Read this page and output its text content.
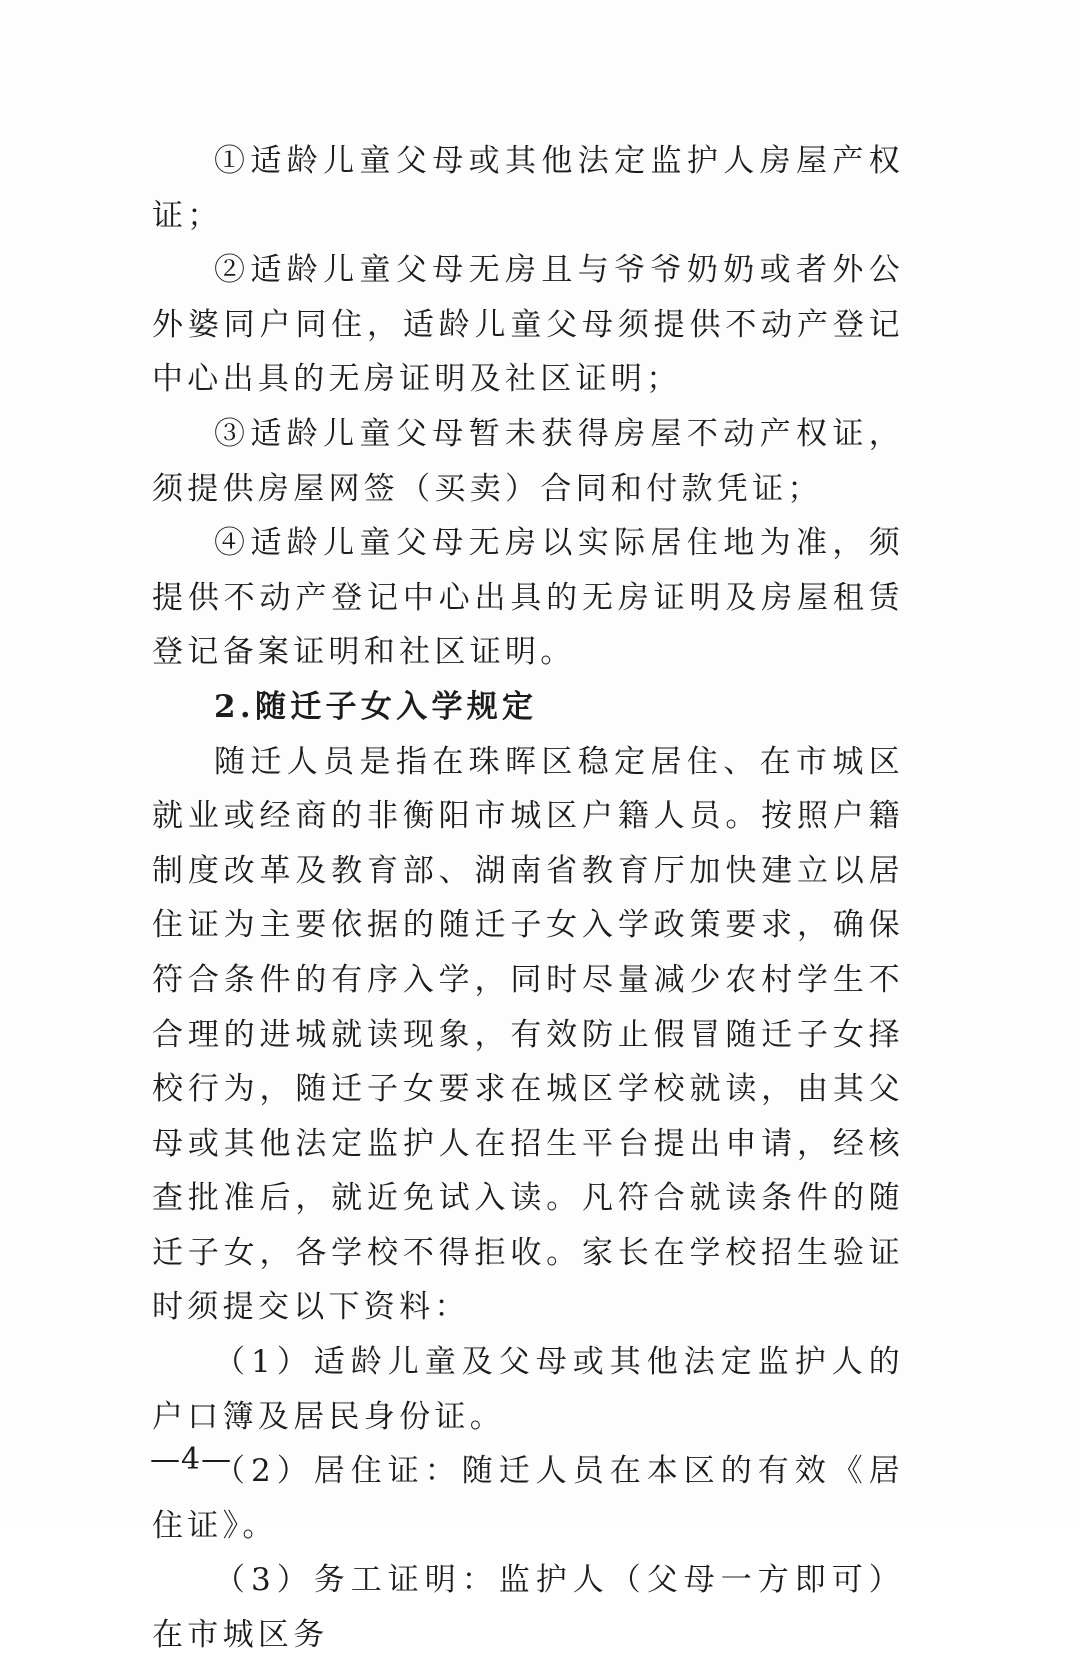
①适龄儿童父母或其他法定监护人房屋产权证；

②适龄儿童父母无房且与爷爷奶奶或者外公外婆同户同住，适龄儿童父母须提供不动产登记中心出具的无房证明及社区证明；

③适龄儿童父母暂未获得房屋不动产权证，须提供房屋网签（买卖）合同和付款凭证；

④适龄儿童父母无房以实际居住地为准，须提供不动产登记中心出具的无房证明及房屋租赁登记备案证明和社区证明。

2.随迁子女入学规定

随迁人员是指在珠晖区稳定居住、在市城区就业或经商的非衡阳市城区户籍人员。按照户籍制度改革及教育部、湖南省教育厅加快建立以居住证为主要依据的随迁子女入学政策要求，确保符合条件的有序入学，同时尽量减少农村学生不合理的进城就读现象，有效防止假冒随迁子女择校行为，随迁子女要求在城区学校就读，由其父母或其他法定监护人在招生平台提出申请，经核查批准后，就近免试入读。凡符合就读条件的随迁子女，各学校不得拒收。家长在学校招生验证时须提交以下资料：

（1）适龄儿童及父母或其他法定监护人的户口簿及居民身份证。

（2）居住证：随迁人员在本区的有效《居住证》。

（3）务工证明：监护人（父母一方即可）在市城区务

—4—
